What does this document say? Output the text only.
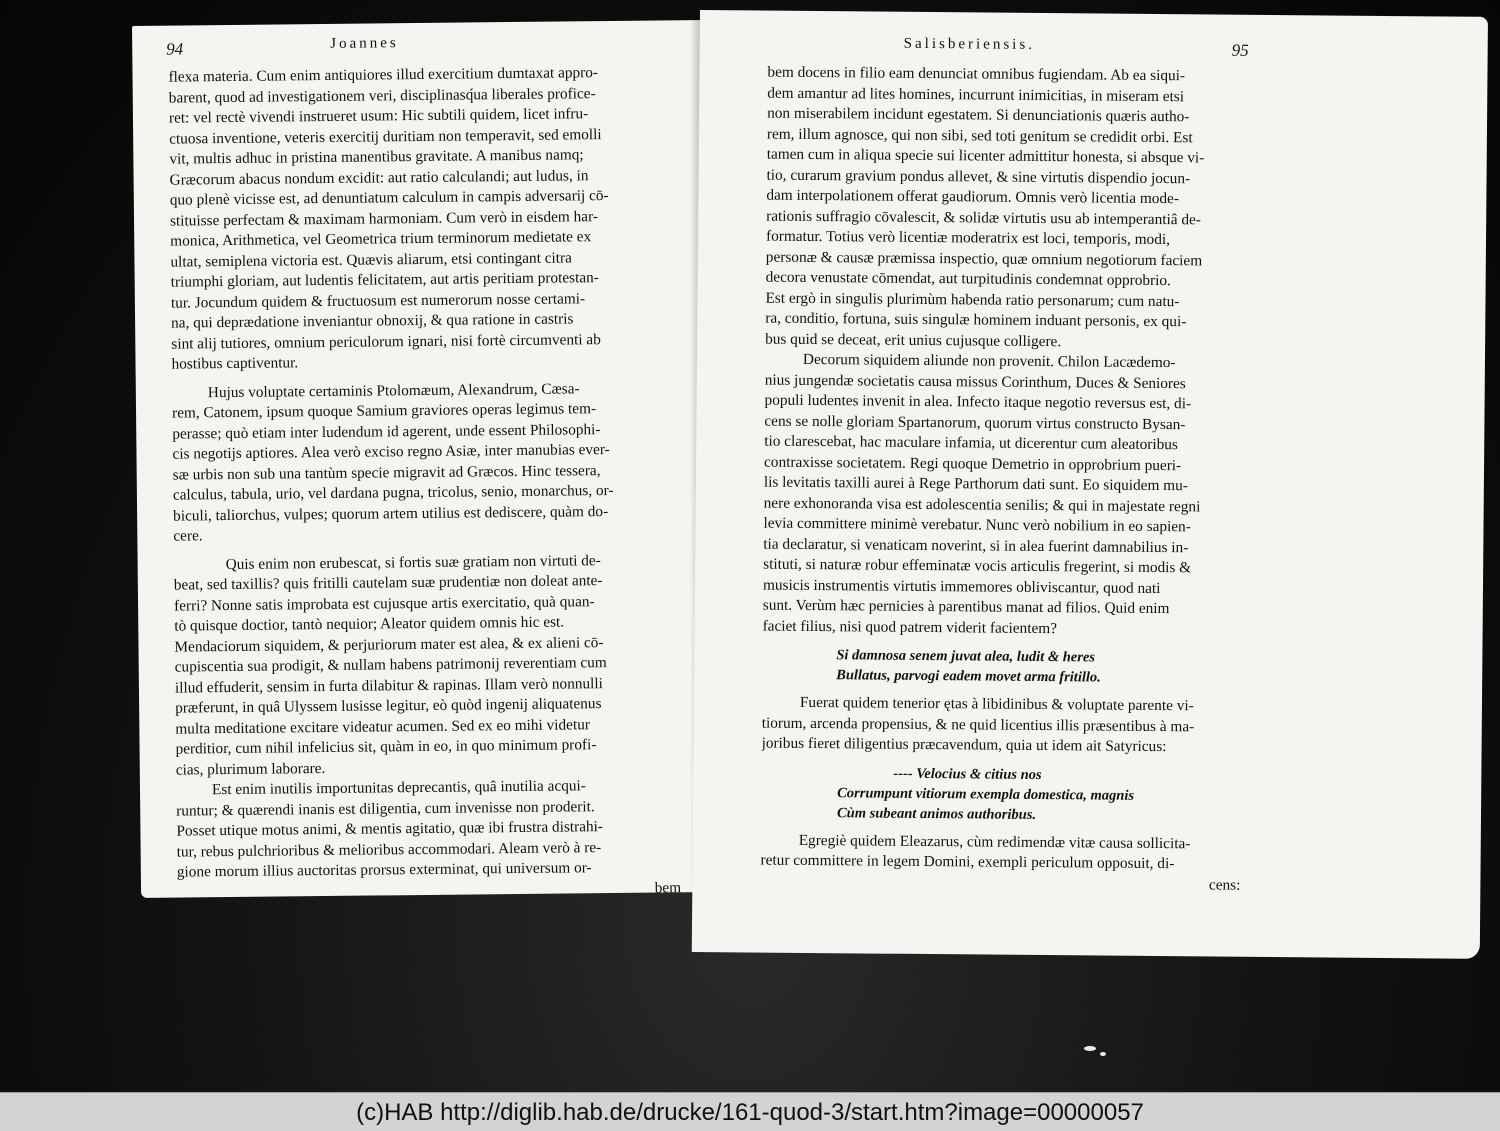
94	Joannes

flexa materia. Cum enim antiquiores illud exercitium dumtaxat appro-
barent, quod ad investigationem veri, disciplinasq́ua liberales profice-
ret: vel rectè vivendi instrueret usum: Hic subtili quidem, licet infru-
ctuosa inventione, veteris exercitij duritiam non temperavit, sed emolli
vit, multis adhuc in pristina manentibus gravitate. A manibus namq;
Græcorum abacus nondum excidit: aut ratio calculandi; aut ludus, in
quo plenè vicisse est, ad denuntiatum calculum in campis adversarij cō-
stituisse perfectam & maximam harmoniam. Cum verò in eisdem har-
monica, Arithmetica, vel Geometrica trium terminorum medietate ex
ultat, semiplena victoria est. Quævis aliarum, etsi contingant citra
triumphi gloriam, aut ludentis felicitatem, aut artis peritiam protestan-
tur. Jocundum quidem & fructuosum est numerorum nosse certami-
na, qui deprædatione inveniantur obnoxij, & qua ratione in castris
sint alij tutiores, omnium periculorum ignari, nisi fortè circumventi ab
hostibus captiventur.

Hujus voluptate certaminis Ptolomæum, Alexandrum, Cæsa-
rem, Catonem, ipsum quoque Samium graviores operas legimus tem-
perasse; quò etiam inter ludendum id agerent, unde essent Philosophi-
cis negotijs aptiores. Alea verò exciso regno Asiæ, inter manubias ever-
sæ urbis non sub una tantùm specie migravit ad Græcos. Hinc tessera,
calculus, tabula, urio, vel dardana pugna, tricolus, senio, monarchus, or-
biculi, taliorchus, vulpes; quorum artem utilius est dediscere, quàm do-
cere.

Quis enim non erubescat, si fortis suæ gratiam non virtuti de-
beat, sed taxillis? quis fritilli cautelam suæ prudentiæ non doleat ante-
ferri? Nonne satis improbata est cujusque artis exercitatio, quà quan-
tò quisque doctior, tantò nequior; Aleator quidem omnis hic est.
Mendaciorum siquidem, & perjuriorum mater est alea, & ex alieni cō-
cupiscentia sua prodigit, & nullam habens patrimonij reverentiam cum
illud effuderit, sensim in furta dilabitur & rapinas. Illam verò nonnulli
præferunt, in quâ Ulyssem lusisse legitur, eò quòd ingenij aliquatenus
multa meditatione excitare videatur acumen. Sed ex eo mihi videtur
perditior, cum nihil infelicius sit, quàm in eo, in quo minimum profi-
cias, plurimum laborare.

Est enim inutilis importunitas deprecantis, quâ inutilia acqui-
runtur; & quærendi inanis est diligentia, cum invenisse non proderit.
Posset utique motus animi, & mentis agitatio, quæ ibi frustra distrahi-
tur, rebus pulchrioribus & melioribus accommodari. Aleam verò à re-
gione morum illius auctoritas prorsus exterminat, qui universum or-

bem
Salisberiensis.	95

bem docens in filio eam denunciat omnibus fugiendam. Ab ea siqui-
dem amantur ad lites homines, incurrunt inimicitias, in miseram etsi
non miserabilem incidunt egestatem. Si denunciationis quæris autho-
rem, illum agnosce, qui non sibi, sed toti genitum se credidit orbi. Est
tamen cum in aliqua specie sui licenter admittitur honesta, si absque vi-
tio, curarum gravium pondus allevet, & sine virtutis dispendio jocun-
dam interpolationem offerat gaudiorum. Omnis verò licentia mode-
rationis suffragio cōvalescit, & solidæ virtutis usu ab intemperantiâ de-
formatur. Totius verò licentiæ moderatrix est loci, temporis, modi,
personæ & causæ præmissa inspectio, quæ omnium negotiorum faciem
decora venustate cōmendat, aut turpitudinis condemnat opprobrio.
Est ergò in singulis plurimùm habenda ratio personarum; cum natu-
ra, conditio, fortuna, suis singulæ hominem induant personis, ex qui-
bus quid se deceat, erit unius cujusque colligere.

Decorum siquidem aliunde non provenit. Chilon Lacædemo-
nius jungendæ societatis causa missus Corinthum, Duces & Seniores
populi ludentes invenit in alea. Infecto itaque negotio reversus est, di-
cens se nolle gloriam Spartanorum, quorum virtus constructo Bysan-
tio clarescebat, hac maculare infamia, ut dicerentur cum aleatoribus
contraxisse societatem. Regi quoque Demetrio in opprobrium pueri-
lis levitatis taxilli aurei à Rege Parthorum dati sunt. Eo siquidem mu-
nere exhonoranda visa est adolescentia senilis; & qui in majestate regni
levia committere minimè verebatur. Nunc verò nobilium in eo sapien-
tia declaratur, si venaticam noverint, si in alea fuerint damnabilius in-
stituti, si naturæ robur effeminatæ vocis articulis fregerint, si modis &
musicis instrumentis virtutis immemores obliviscantur, quod nati
sunt. Verùm hæc pernicies à parentibus manat ad filios. Quid enim
faciet filius, nisi quod patrem viderit facientem?

Si damnosa senem juvat alea, ludit & heres
Bullatus, parvogi eadem movet arma fritillo.

Fuerat quidem tenerior ętas à libidinibus & voluptate parente vi-
tiorum, arcenda propensius, & ne quid licentius illis præsentibus à ma-
joribus fieret diligentius præcavendum, quia ut idem ait Satyricus:

---- Velocius & citius nos
Corrumpunt vitiorum exempla domestica, magnis
Cùm subeant animos authoribus.

Egregiè quidem Eleazarus, cùm redimendæ vitæ causa sollicita-
retur committere in legem Domini, exempli periculum opposuit, di-

cens:
(c)HAB http://diglib.hab.de/drucke/161-quod-3/start.htm?image=00000057
